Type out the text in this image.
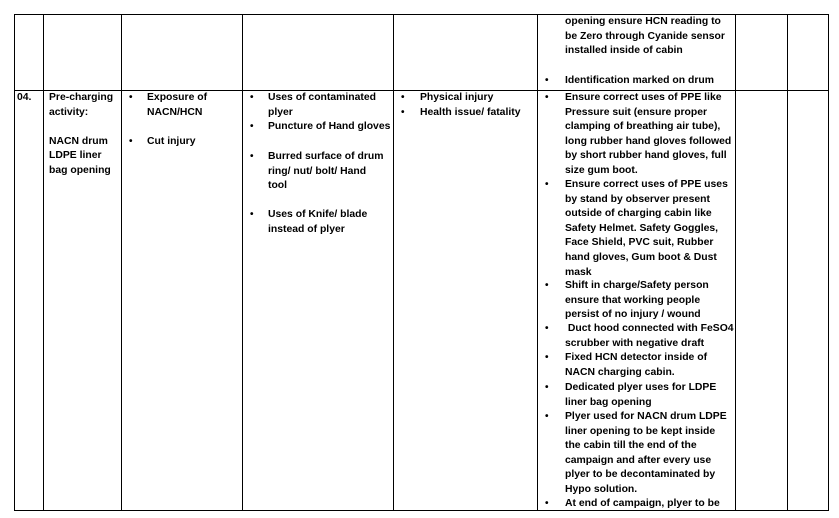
opening ensure HCN reading to
be Zero through Cyanide sensor
installed inside of cabin
• Identification marked on drum
04. Pre-charging
activity:
NACN drum
LDPE liner
bag opening
• Exposure of
NACN/HCN
• Cut injury
• Uses of contaminated
plyer
• Puncture of Hand gloves
• Burred surface of drum
ring/ nut/ bolt/ Hand
tool
• Uses of Knife/ blade
instead of plyer
• Physical injury
• Health issue/ fatality
• Ensure correct uses of PPE like
Pressure suit (ensure proper
clamping of breathing air tube),
long rubber hand gloves followed
by short rubber hand gloves, full
size gum boot.
• Ensure correct uses of PPE uses
by stand by observer present
outside of charging cabin like
Safety Helmet. Safety Goggles,
Face Shield, PVC suit, Rubber
hand gloves, Gum boot & Dust
mask
• Shift in charge/Safety person
ensure that working people
persist of no injury / wound
• Duct hood connected with FeSO4
scrubber with negative draft
• Fixed HCN detector inside of
NACN charging cabin.
• Dedicated plyer uses for LDPE
liner bag opening
• Plyer used for NACN drum LDPE
liner opening to be kept inside
the cabin till the end of the
campaign and after every use
plyer to be decontaminated by
Hypo solution.
• At end of campaign, plyer to be
